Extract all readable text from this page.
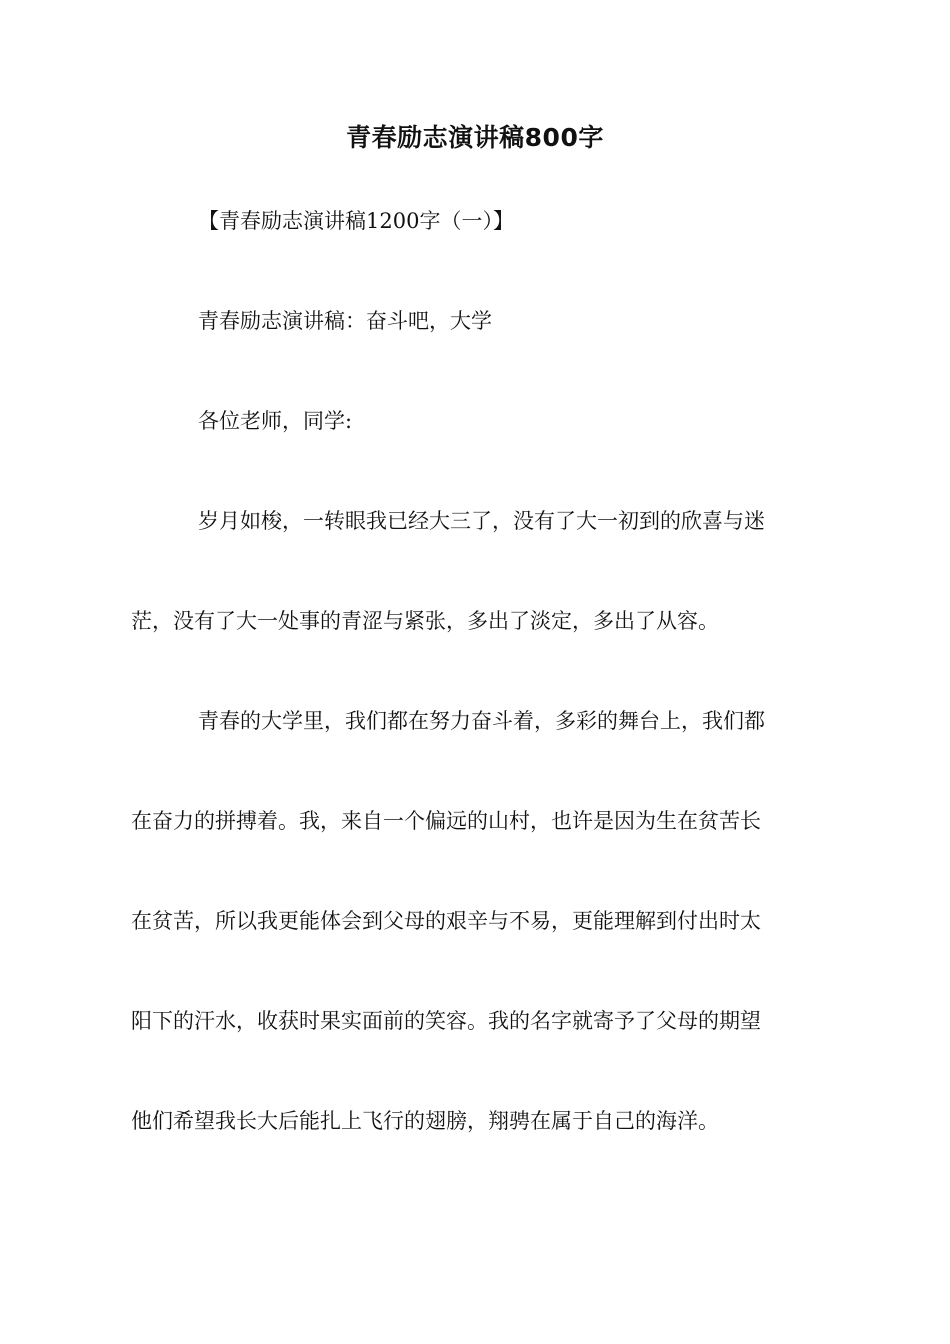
青春励志演讲稿800字

【青春励志演讲稿1200字（一）】

青春励志演讲稿：奋斗吧，大学

各位老师，同学:

岁月如梭，一转眼我已经大三了，没有了大一初到的欣喜与迷

茫，没有了大一处事的青涩与紧张，多出了淡定，多出了从容。

青春的大学里，我们都在努力奋斗着，多彩的舞台上，我们都

在奋力的拼搏着。我，来自一个偏远的山村，也许是因为生在贫苦长

在贫苦，所以我更能体会到父母的艰辛与不易，更能理解到付出时太

阳下的汗水，收获时果实面前的笑容。我的名字就寄予了父母的期望

他们希望我长大后能扎上飞行的翅膀，翔骋在属于自己的海洋。
